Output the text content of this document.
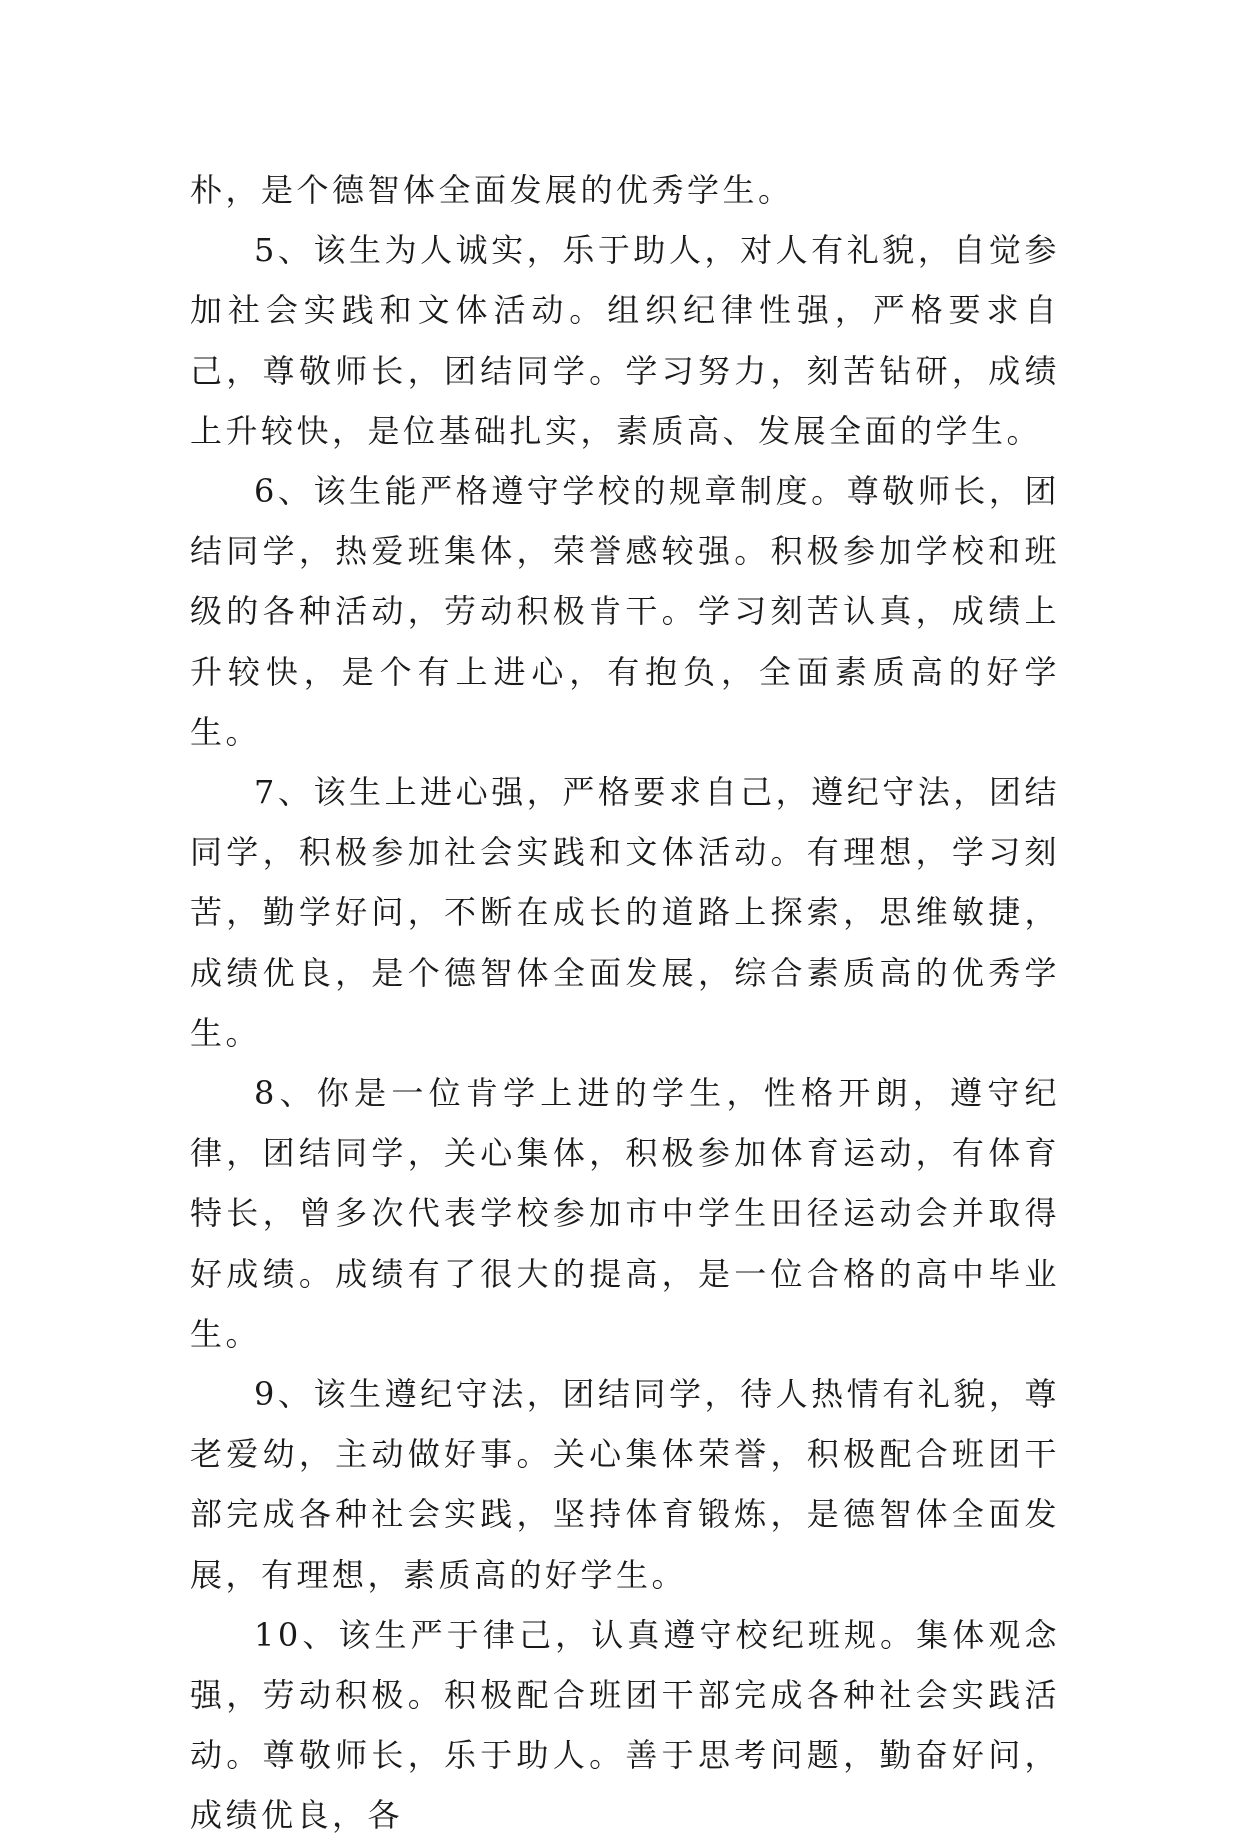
朴，是个德智体全面发展的优秀学生。

5、该生为人诚实，乐于助人，对人有礼貌，自觉参加社会实践和文体活动。组织纪律性强，严格要求自己，尊敬师长，团结同学。学习努力，刻苦钻研，成绩上升较快，是位基础扎实，素质高、发展全面的学生。

6、该生能严格遵守学校的规章制度。尊敬师长，团结同学，热爱班集体，荣誉感较强。积极参加学校和班级的各种活动，劳动积极肯干。学习刻苦认真，成绩上升较快，是个有上进心，有抱负，全面素质高的好学生。

7、该生上进心强，严格要求自己，遵纪守法，团结同学，积极参加社会实践和文体活动。有理想，学习刻苦，勤学好问，不断在成长的道路上探索，思维敏捷，成绩优良，是个德智体全面发展，综合素质高的优秀学生。

8、你是一位肯学上进的学生，性格开朗，遵守纪律，团结同学，关心集体，积极参加体育运动，有体育特长，曾多次代表学校参加市中学生田径运动会并取得好成绩。成绩有了很大的提高，是一位合格的高中毕业生。

9、该生遵纪守法，团结同学，待人热情有礼貌，尊老爱幼，主动做好事。关心集体荣誉，积极配合班团干部完成各种社会实践，坚持体育锻炼，是德智体全面发展，有理想，素质高的好学生。

10、该生严于律己，认真遵守校纪班规。集体观念强，劳动积极。积极配合班团干部完成各种社会实践活动。尊敬师长，乐于助人。善于思考问题，勤奋好问，成绩优良，各
